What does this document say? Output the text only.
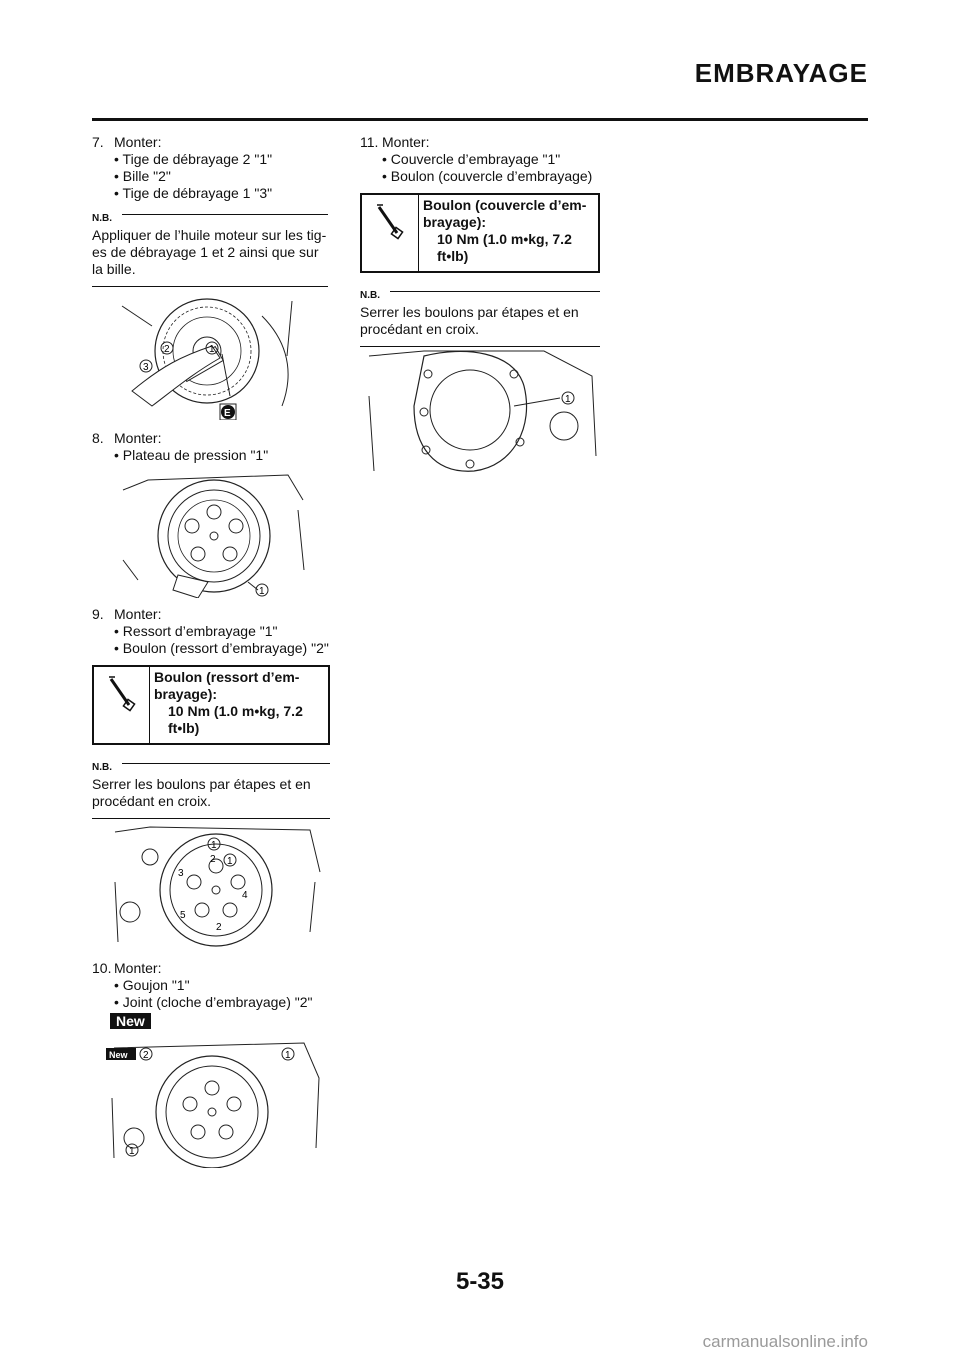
EMBRAYAGE
7. Monter:
• Tige de débrayage 2 "1"
• Bille "2"
• Tige de débrayage 1 "3"
N.B.
Appliquer de l’huile moteur sur les tig-es de débrayage 1 et 2 ainsi que sur la bille.
1
2
3
E
8. Monter:
• Plateau de pression "1"
1
9. Monter:
• Ressort d’embrayage "1"
• Boulon (ressort d’embrayage) "2"
Boulon (ressort d’em-brayage):
10 Nm (1.0 m•kg, 7.2 ft•lb)
N.B.
Serrer les boulons par étapes et en procédant en croix.
1
2 1
3
4
5
2
10. Monter:
• Goujon "1"
• Joint (cloche d’embrayage) "2"
New
New 2	1
1
11. Monter:
• Couvercle d’embrayage "1"
• Boulon (couvercle d’embrayage)
Boulon (couvercle d’em-brayage):
10 Nm (1.0 m•kg, 7.2 ft•lb)
N.B.
Serrer les boulons par étapes et en procédant en croix.
1
5-35
carmanualsonline.info
